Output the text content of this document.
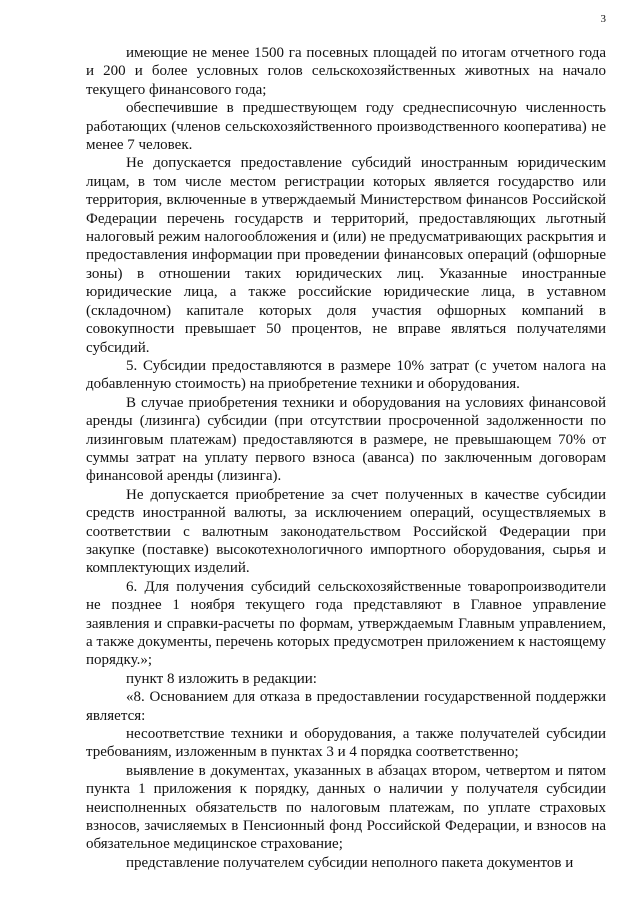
3

имеющие не менее 1500 га посевных площадей по итогам отчетного года и 200 и более условных голов сельскохозяйственных животных на начало текущего финансового года;

обеспечившие в предшествующем году среднесписочную численность работающих (членов сельскохозяйственного производственного кооператива) не менее 7 человек.

Не допускается предоставление субсидий иностранным юридическим лицам, в том числе местом регистрации которых является государство или территория, включенные в утверждаемый Министерством финансов Российской Федерации перечень государств и территорий, предоставляющих льготный налоговый режим налогообложения и (или) не предусматривающих раскрытия и предоставления информации при проведении финансовых операций (офшорные зоны) в отношении таких юридических лиц. Указанные иностранные юридические лица, а также российские юридические лица, в уставном (складочном) капитале которых доля участия офшорных компаний в совокупности превышает 50 процентов, не вправе являться получателями субсидий.

5. Субсидии предоставляются в размере 10% затрат (с учетом налога на добавленную стоимость) на приобретение техники и оборудования.

В случае приобретения техники и оборудования на условиях финансовой аренды (лизинга) субсидии (при отсутствии просроченной задолженности по лизинговым платежам) предоставляются в размере, не превышающем 70% от суммы затрат на уплату первого взноса (аванса) по заключенным договорам финансовой аренды (лизинга).

Не допускается приобретение за счет полученных в качестве субсидии средств иностранной валюты, за исключением операций, осуществляемых в соответствии с валютным законодательством Российской Федерации при закупке (поставке) высокотехнологичного импортного оборудования, сырья и комплектующих изделий.

6. Для получения субсидий сельскохозяйственные товаропроизводители не позднее 1 ноября текущего года представляют в Главное управление заявления и справки-расчеты по формам, утверждаемым Главным управлением, а также документы, перечень которых предусмотрен приложением к настоящему порядку.»;

пункт 8 изложить в редакции:

«8. Основанием для отказа в предоставлении государственной поддержки является:

несоответствие техники и оборудования, а также получателей субсидии требованиям, изложенным в пунктах 3 и 4 порядка соответственно;

выявление в документах, указанных в абзацах втором, четвертом и пятом пункта 1 приложения к порядку, данных о наличии у получателя субсидии неисполненных обязательств по налоговым платежам, по уплате страховых взносов, зачисляемых в Пенсионный фонд Российской Федерации, и взносов на обязательное медицинское страхование;

представление получателем субсидии неполного пакета документов и
